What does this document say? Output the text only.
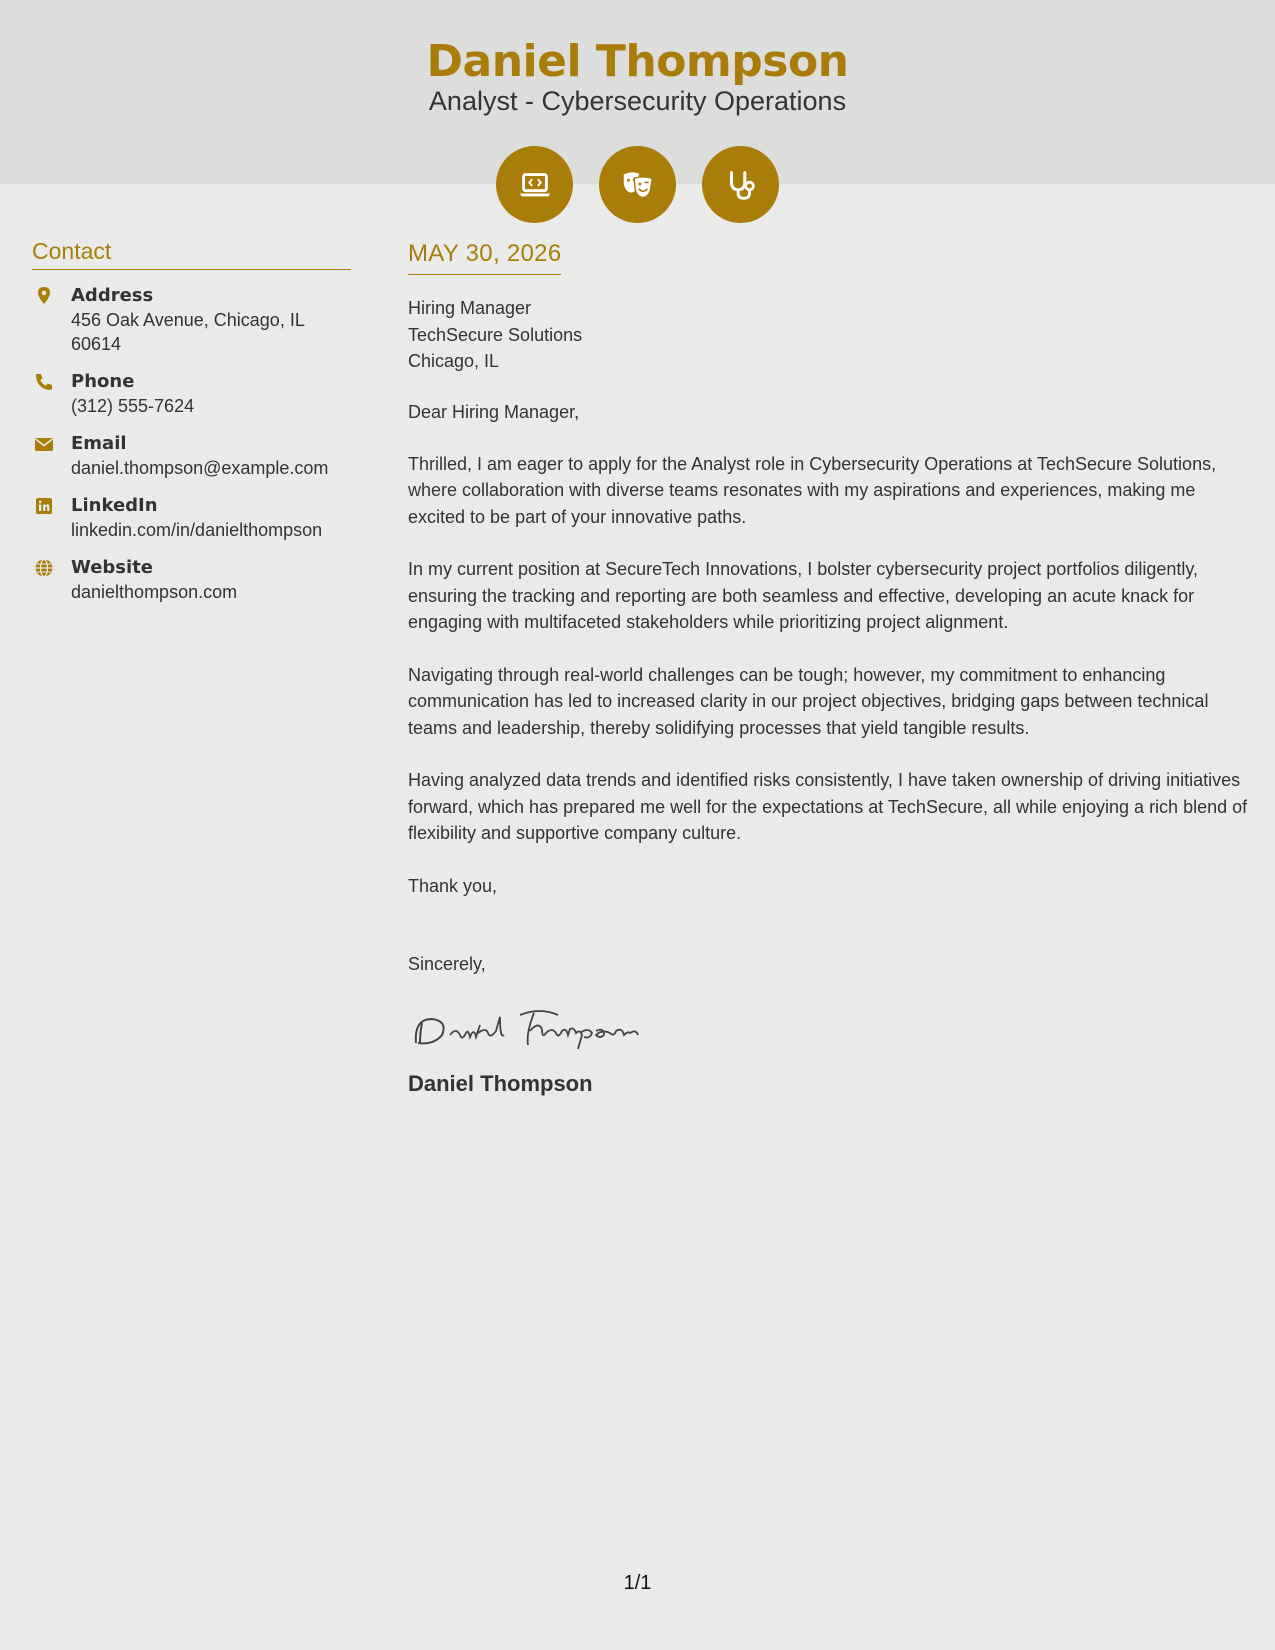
Daniel Thompson
Analyst - Cybersecurity Operations
Contact
Address
456 Oak Avenue, Chicago, IL 60614
Phone
(312) 555-7624
Email
daniel.thompson@example.com
LinkedIn
linkedin.com/in/danielthompson
Website
danielthompson.com
MAY 30, 2026
Hiring Manager
TechSecure Solutions
Chicago, IL
Dear Hiring Manager,

Thrilled, I am eager to apply for the Analyst role in Cybersecurity Operations at TechSecure Solutions, where collaboration with diverse teams resonates with my aspirations and experiences, making me excited to be part of your innovative paths.

In my current position at SecureTech Innovations, I bolster cybersecurity project portfolios diligently, ensuring the tracking and reporting are both seamless and effective, developing an acute knack for engaging with multifaceted stakeholders while prioritizing project alignment.

Navigating through real-world challenges can be tough; however, my commitment to enhancing communication has led to increased clarity in our project objectives, bridging gaps between technical teams and leadership, thereby solidifying processes that yield tangible results.

Having analyzed data trends and identified risks consistently, I have taken ownership of driving initiatives forward, which has prepared me well for the expectations at TechSecure, all while enjoying a rich blend of flexibility and supportive company culture.

Thank you,
Sincerely,
Daniel Thompson
1/1
